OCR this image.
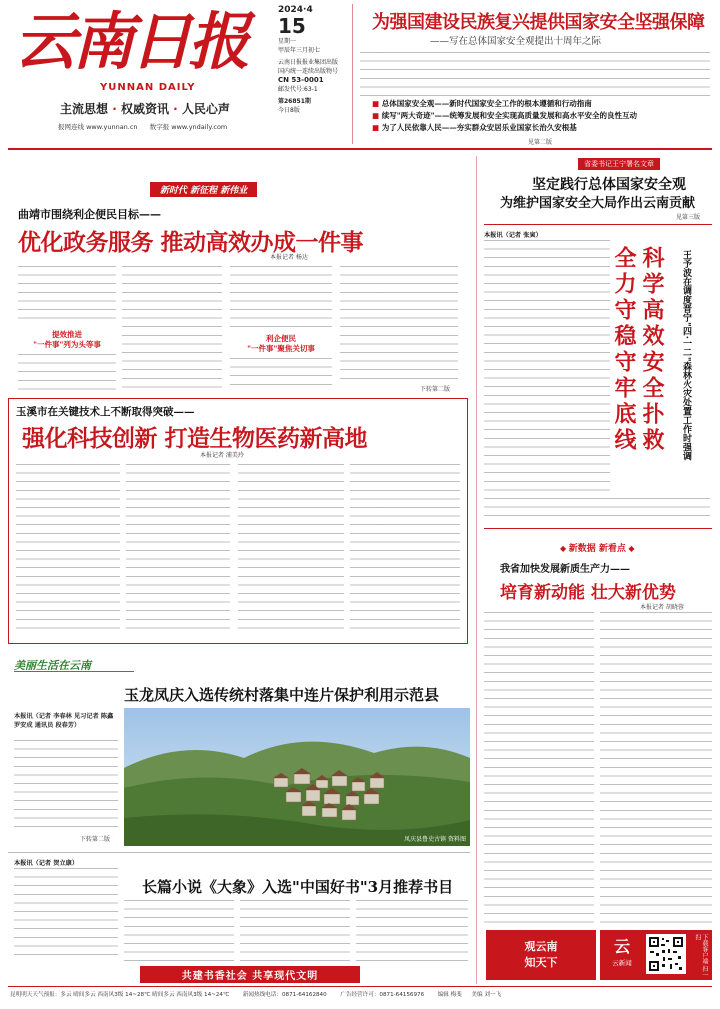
云南日报
YUNNAN DAILY
主流思想 · 权威资讯 · 人民心声
报网连线 www.yunnan.cn 数字报 www.yndaily.com
2024·4
15
星期一
甲辰年三月初七
云南日报报业集团出版
国内统一连续出版物号
CN 53-0001
邮发代号:63-1
第26851期
今日8版
为强国建设民族复兴提供国家安全坚强保障
——写在总体国家安全观提出十周年之际
■ 总体国家安全观——新时代国家安全工作的根本遵循和行动指南
■ 续写"两大奇迹"——统筹发展和安全实现高质量发展和高水平安全的良性互动
■ 为了人民依靠人民——夯实群众安居乐业国家长治久安根基
见第二版
新时代 新征程 新伟业
曲靖市围绕利企便民目标——
优化政务服务 推动高效办成一件事
本报记者 杨达
提效推进
"一件事"列为头等事
利企便民
"一件事"聚焦关切事
下转第二版
玉溪市在关键技术上不断取得突破——
强化科技创新 打造生物医药新高地
本报记者 浦美玲
美丽生活在云南
玉龙凤庆入选传统村落集中连片保护利用示范县
本报讯（记者 李春林 见习记者 陈鑫 罗安成 通讯员 段春芳）
下转第二版	凤庆县鲁史古镇 资料图
本报讯（记者 贺立康）
长篇小说《大象》入选"中国好书"3月推荐书目
共建书香社会 共享现代文明
省委书记王宁署名文章
坚定践行总体国家安全观
为维护国家安全大局作出云南贡献
见第三版
科学高效安全扑救
全力守稳守牢底线	王予波在调度晋宁"四·一二"森林火灾处置工作时强调
本报讯（记者 张寅）
◆ 新数据 新看点 ◆
我省加快发展新质生产力——
培育新动能 壮大新优势
本报记者 胡晓蓉
观云南
知天下
云
云新闻	下载客户端 扫一扫
昆明明天天气预报：多云 晴间多云 西南风3级 14~28℃ 晴间多云 西南风3级 14~24℃ 新闻热线电话：0871-64162840 广告经营许可：0871-64156976 编辑 梅斐 美编 刘一飞
